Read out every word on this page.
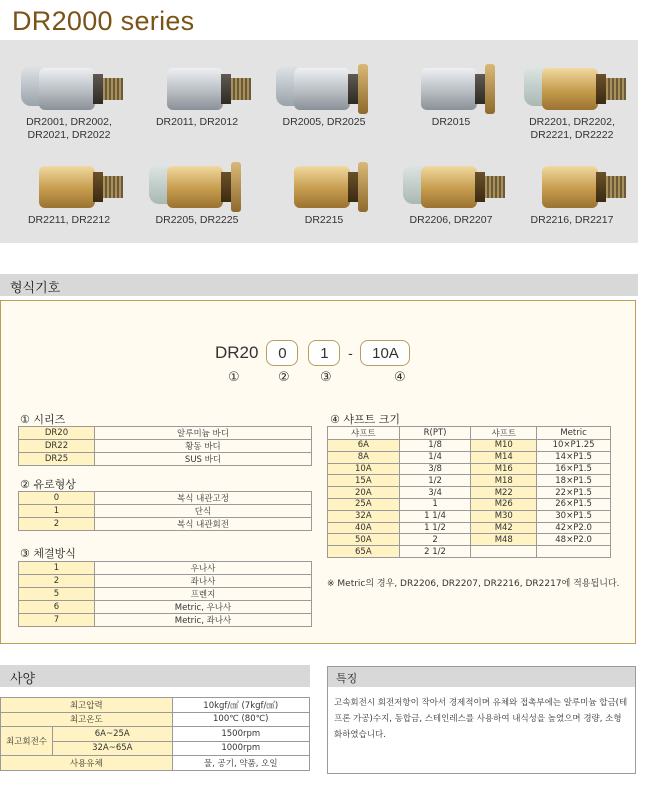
DR2000 series
DR2001, DR2002,
DR2021, DR2022
DR2011, DR2012	DR2005, DR2025	DR2015	DR2201, DR2202,
DR2221, DR2222
DR2211, DR2212	DR2205, DR2225	DR2215	DR2206, DR2207	DR2216, DR2217
형식기호
DR20	0	1	-	10A
①	② ③	④
① 시리즈
DR20	알루미늄 바디
DR22	황동 바디
DR25	SUS 바디
② 유로형상
0	복식 내관고정
1	단식
2	복식 내관회전
③ 체결방식
1	우나사
2	좌나사
5	프렌지
6	Metric, 우나사
7	Metric, 좌나사
④ 샤프트 크기
샤프트	R(PT)	샤프트	Metric
6A	1/8	M10	10×P1.25
8A	1/4	M14	14×P1.5
10A	3/8	M16	16×P1.5
15A	1/2	M18	18×P1.5
20A	3/4	M22	22×P1.5
25A	1	M26	26×P1.5
32A	1 1/4	M30	30×P1.5
40A	1 1/2	M42	42×P2.0
50A	2	M48	48×P2.0
65A	2 1/2		
※ Metric의 경우, DR2206, DR2207, DR2216, DR2217에 적용됩니다.
사양
최고압력		10kgf/㎠ (7kgf/㎠)
최고온도		100℃ (80℃)
최고회전수	6A~25A	1500rpm
	32A~65A	1000rpm
사용유체		물, 공기, 약품, 오일
특징
고속회전시 회전저항이 작아서 경제적이며 유체와 접촉부에는 알루미늄 합금(테프론 가공)수지, 동합금, 스테인레스를 사용하여 내식성을 높였으며 경량, 소형화하였습니다.
